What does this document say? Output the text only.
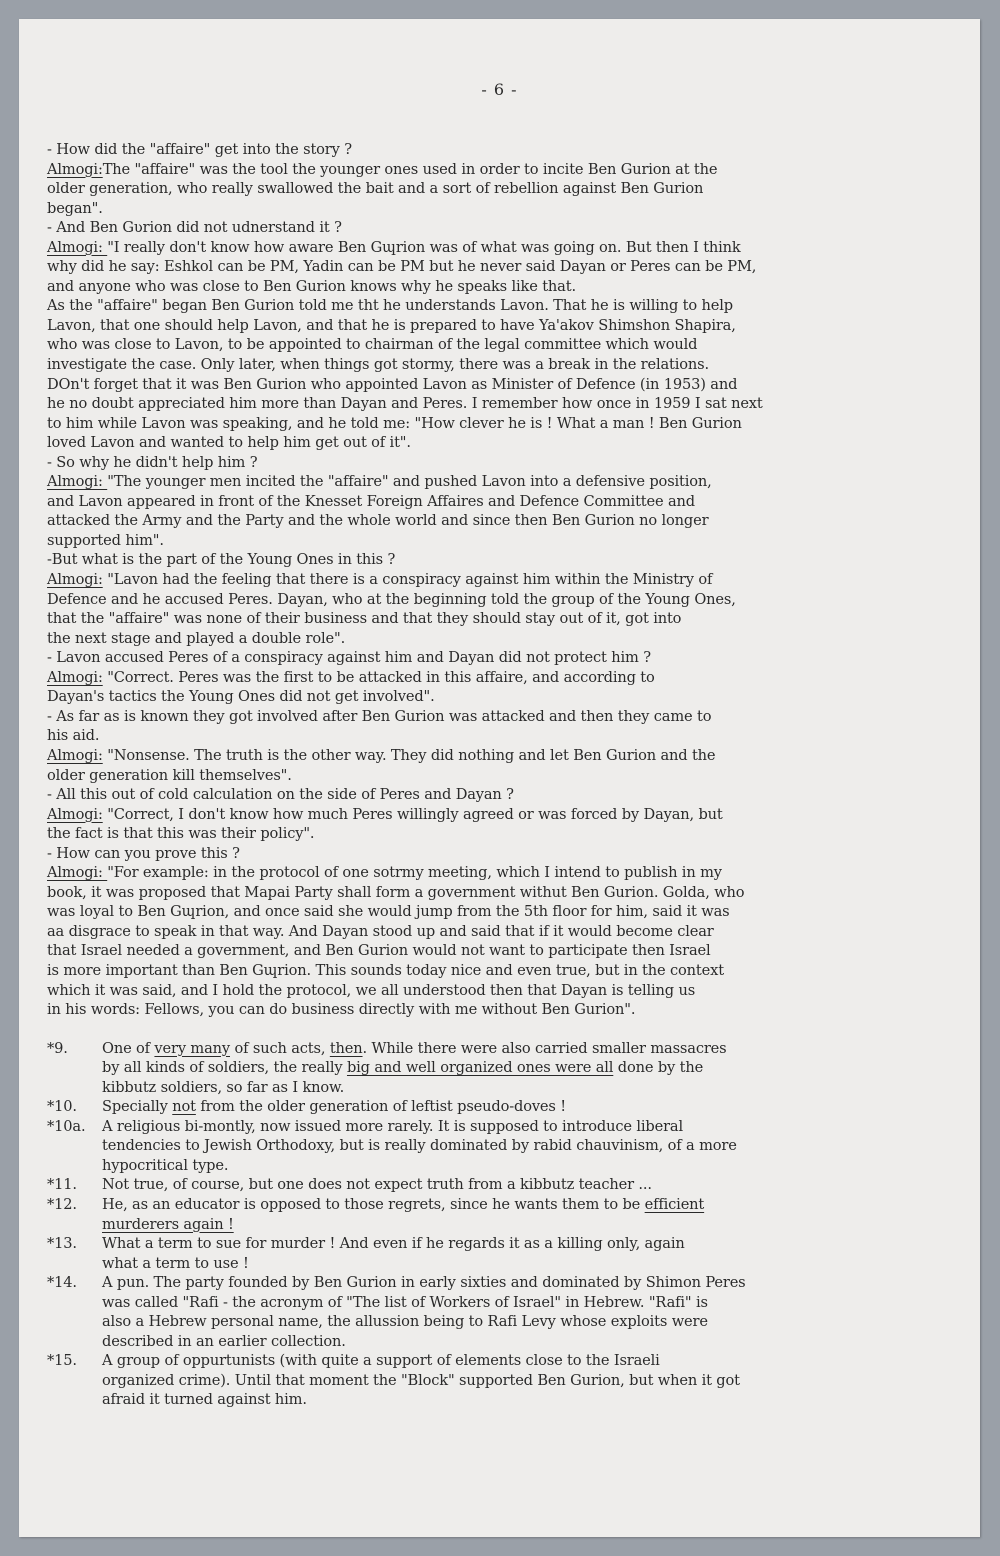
- 6 -
- How did the "affaire" get into the story ?
Almogi:The "affaire" was the tool the younger ones used in order to incite Ben Gurion at the
older generation, who really swallowed the bait and a sort of rebellion against Ben Gurion
began".
- And Ben Gʋrion did not udnerstand it ?
Almogi: "I really don't know how aware Ben Gɰrion was of what was going on. But then I think
why did he say: Eshkol can be PM, Yadin can be PM but he never said Dayan or Peres can be PM,
and anyone who was close to Ben Gurion knows why he speaks like that.
As the "affaire" began Ben Gurion told me tht he understands Lavon. That he is willing to help
Lavon, that one should help Lavon, and that he is prepared to have Ya'akov Shimshon Shapira,
who was close to Lavon, to be appointed to chairman of the legal committee which would
investigate the case. Only later, when things got stormy, there was a break in the relations.
DOn't forget that it was Ben Gurion who appointed Lavon as Minister of Defence (in 1953) and
he no doubt appreciated him more than Dayan and Peres. I remember how once in 1959 I sat next
to him while Lavon was speaking, and he told me: "How clever he is ! What a man ! Ben Gurion
loved Lavon and wanted to help him get out of it".
- So why he didn't help him ?
Almogi: "The younger men incited the "affaire" and pushed Lavon into a defensive position,
and Lavon appeared in front of the Knesset Foreign Affaires and Defence Committee and
attacked the Army and the Party and the whole world and since then Ben Gurion no longer
supported him".
-But what is the part of the Young Ones in this ?
Almogi: "Lavon had the feeling that there is a conspiracy against him within the Ministry of
Defence and he accused Peres. Dayan, who at the beginning told the group of the Young Ones,
that the "affaire" was none of their business and that they should stay out of it, got into
the next stage and played a double role".
- Lavon accused Peres of a conspiracy against him and Dayan did not protect him ?
Almogi: "Correct. Peres was the first to be attacked in this affaire, and according to
Dayan's tactics the Young Ones did not get involved".
- As far as is known they got involved after Ben Gurion was attacked and then they came to
his aid.
Almogi: "Nonsense. The truth is the other way. They did nothing and let Ben Gurion and the
older generation kill themselves".
- All this out of cold calculation on the side of Peres and Dayan ?
Almogi: "Correct, I don't know how much Peres willingly agreed or was forced by Dayan, but
the fact is that this was their policy".
- How can you prove this ?
Almogi: "For example: in the protocol of one sotrmy meeting, which I intend to publish in my
book, it was proposed that Mapai Party shall form a government withut Ben Gurion. Golda, who
was loyal to Ben Gɰrion, and once said she would jump from the 5th floor for him, said it was
aa disgrace to speak in that way. And Dayan stood up and said that if it would become clear
that Israel needed a government, and Ben Gurion would not want to participate then Israel
is more important than Ben Gɰrion. This sounds today nice and even true, but in the context
which it was said, and I hold the protocol, we all understood then that Dayan is telling us
in his words: Fellows, you can do business directly with me without Ben Gurion".
*9.	One of very many of such acts, then. While there were also carried smaller massacres
by all kinds of soldiers, the really big and well organized ones were all done by the
kibbutz soldiers, so far as I know.
*10.	Specially not from the older generation of leftist pseudo-doves !
*10a.	A religious bi-montly, now issued more rarely. It is supposed to introduce liberal
tendencies to Jewish Orthodoxy, but is really dominated by rabid chauvinism, of a more
hypocritical type.
*11.	Not true, of course, but one does not expect truth from a kibbutz teacher ...
*12.	He, as an educator is opposed to those regrets, since he wants them to be efficient
murderers again !
*13.	What a term to sue for murder ! And even if he regards it as a killing only, again
what a term to use !
*14.	A pun. The party founded by Ben Gurion in early sixties and dominated by Shimon Peres
was called "Rafi - the acronym of "The list of Workers of Israel" in Hebrew. "Rafi" is
also a Hebrew personal name, the allussion being to Rafi Levy whose exploits were
described in an earlier collection.
*15.	A group of oppurtunists (with quite a support of elements close to the Israeli
organized crime). Until that moment the "Block" supported Ben Gurion, but when it got
afraid it turned against him.
